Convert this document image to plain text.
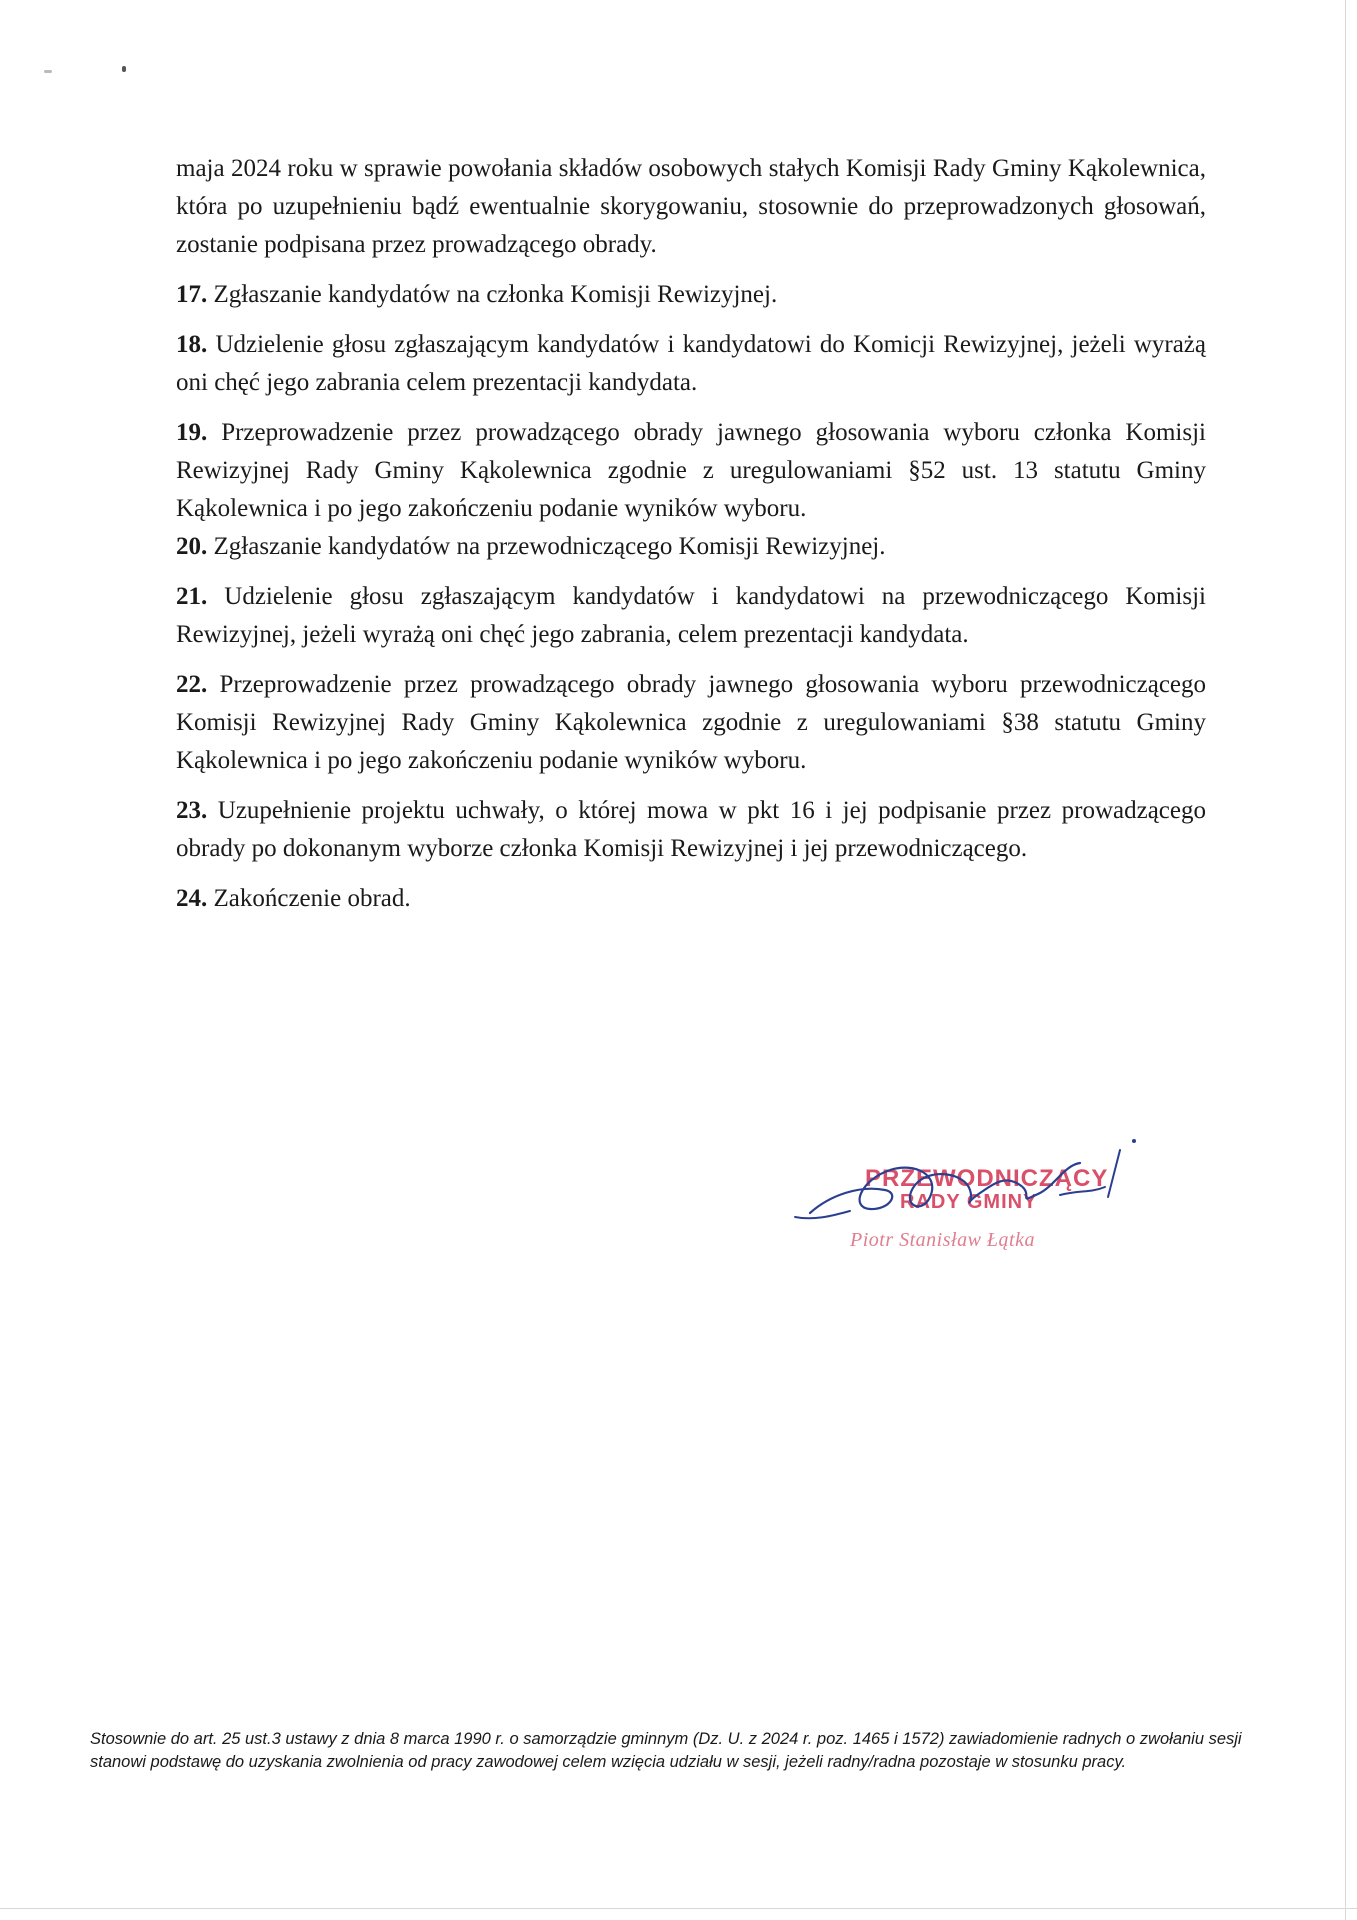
maja 2024 roku w sprawie powołania składów osobowych stałych Komisji Rady Gminy Kąkolewnica, która po uzupełnieniu bądź ewentualnie skorygowaniu, stosownie do przeprowadzonych głosowań, zostanie podpisana przez prowadzącego obrady.

17. Zgłaszanie kandydatów na członka Komisji Rewizyjnej.

18. Udzielenie głosu zgłaszającym kandydatów i kandydatowi do Komicji Rewizyjnej, jeżeli wyrażą oni chęć jego zabrania celem prezentacji kandydata.

19. Przeprowadzenie przez prowadzącego obrady jawnego głosowania wyboru członka Komisji Rewizyjnej Rady Gminy Kąkolewnica zgodnie z uregulowaniami §52 ust. 13 statutu Gminy Kąkolewnica i po jego zakończeniu podanie wyników wyboru.

20. Zgłaszanie kandydatów na przewodniczącego Komisji Rewizyjnej.

21. Udzielenie głosu zgłaszającym kandydatów i kandydatowi na przewodniczącego Komisji Rewizyjnej, jeżeli wyrażą oni chęć jego zabrania, celem prezentacji kandydata.

22. Przeprowadzenie przez prowadzącego obrady jawnego głosowania wyboru przewodniczącego Komisji Rewizyjnej Rady Gminy Kąkolewnica zgodnie z uregulowaniami §38 statutu Gminy Kąkolewnica i po jego zakończeniu podanie wyników wyboru.

23. Uzupełnienie projektu uchwały, o której mowa w pkt 16 i jej podpisanie przez prowadzącego obrady po dokonanym wyborze członka Komisji Rewizyjnej i jej przewodniczącego.

24. Zakończenie obrad.

PRZEWODNICZĄCY
RADY GMINY
Piotr Stanisław Łątka
Stosownie do art. 25 ust.3 ustawy z dnia 8 marca 1990 r. o samorządzie gminnym (Dz. U. z 2024 r. poz. 1465 i 1572) zawiadomienie radnych o zwołaniu sesji stanowi podstawę do uzyskania zwolnienia od pracy zawodowej celem wzięcia udziału w sesji, jeżeli radny/radna pozostaje w stosunku pracy.
